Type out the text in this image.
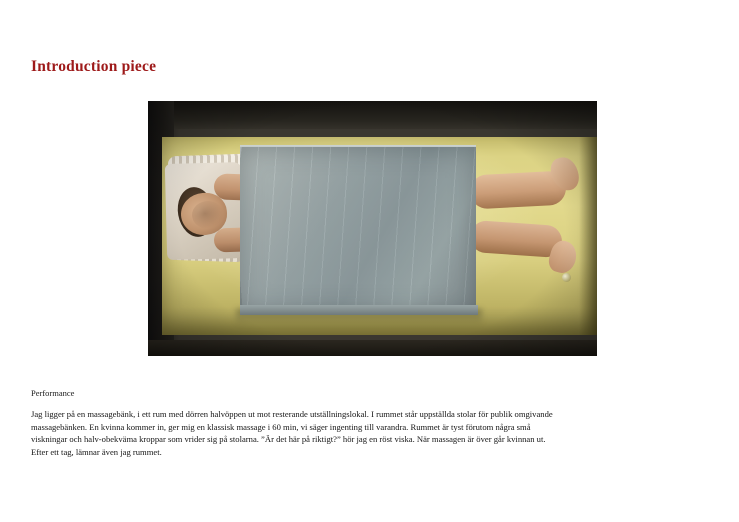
Introduction piece
Performance

Jag ligger på en massagebänk, i ett rum med dörren halvöppen ut mot resterande utställningslokal. I rummet står uppställda stolar för publik omgivande massagebänken. En kvinna kommer in, ger mig en klassisk massage i 60 min, vi säger ingenting till varandra. Rummet är tyst förutom några små viskningar och halv-obekväma kroppar som vrider sig på stolarna. ”Är det här på riktigt?” hör jag en röst viska. När massagen är över går kvinnan ut. Efter ett tag, lämnar även jag rummet.
